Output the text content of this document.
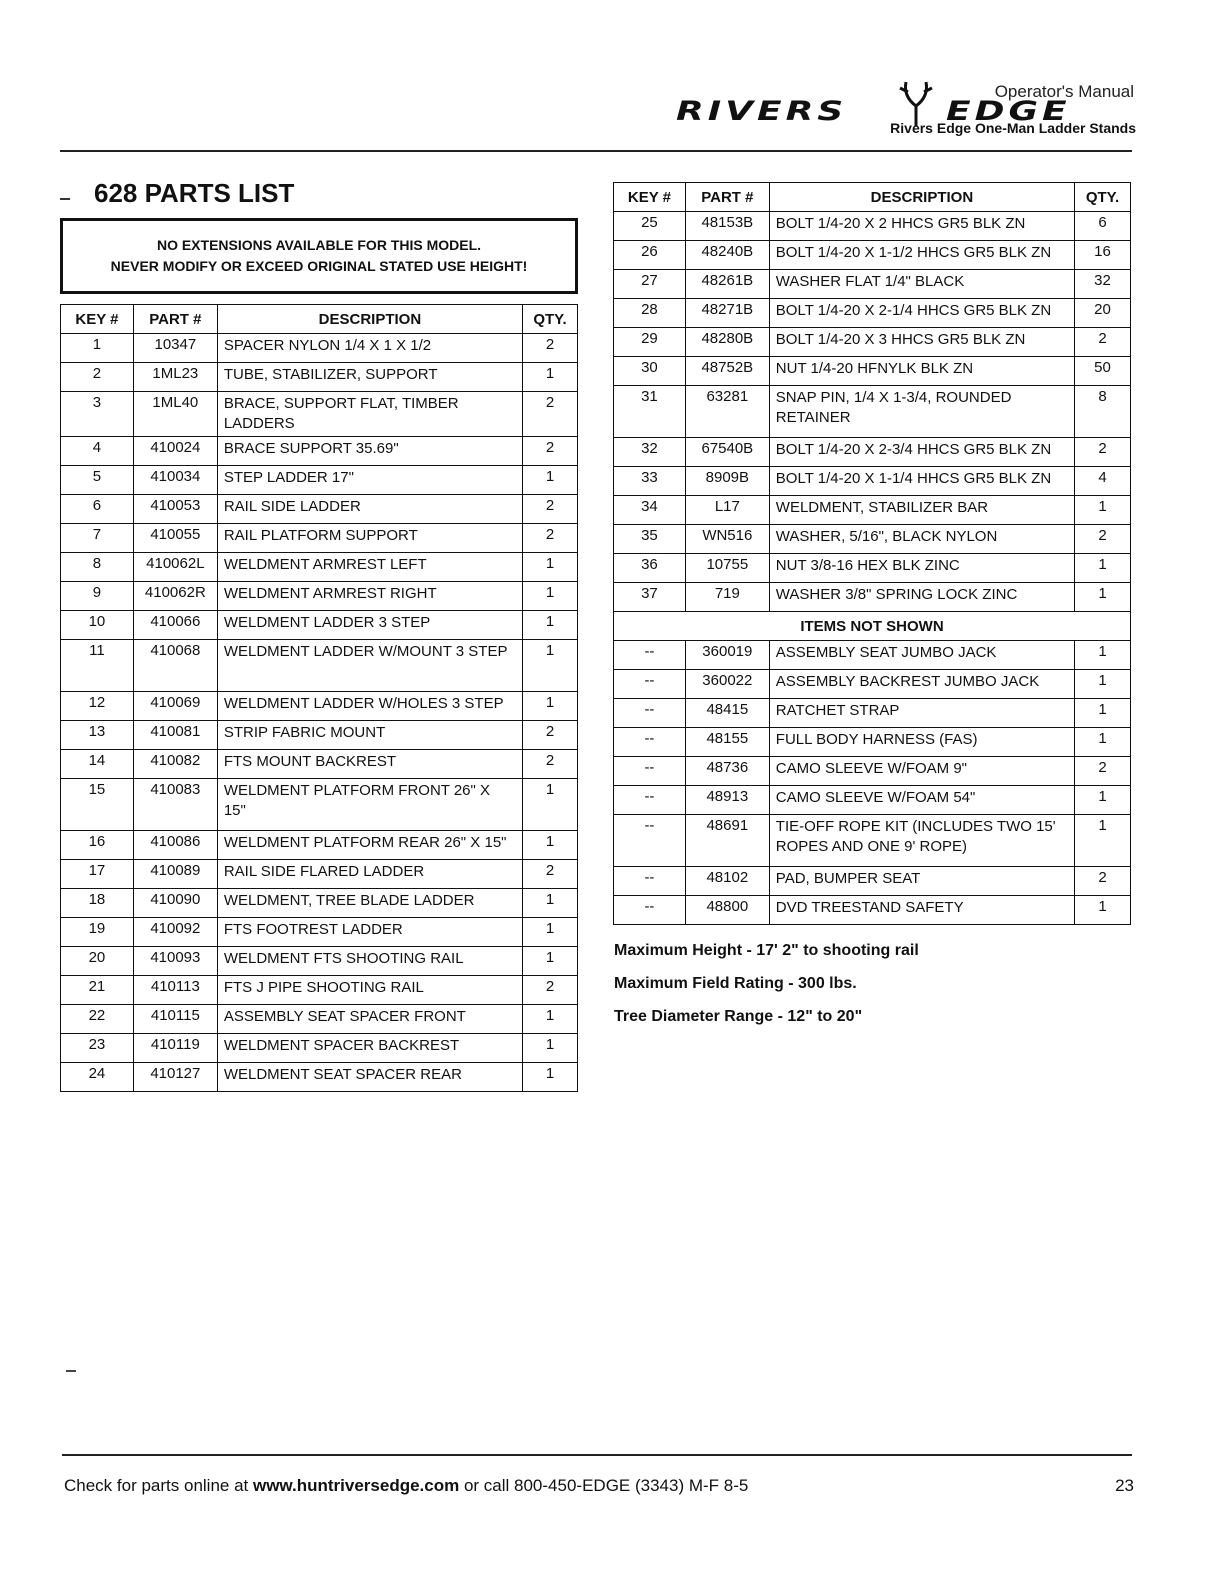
Operator's Manual
RIVERS	EDGE
Rivers Edge One-Man Ladder Stands
628 PARTS LIST
NO EXTENSIONS AVAILABLE FOR THIS MODEL.
NEVER MODIFY OR EXCEED ORIGINAL STATED USE HEIGHT!
KEY #	PART #	DESCRIPTION	QTY.
1	10347	SPACER NYLON 1/4 X 1 X 1/2	2
2	1ML23	TUBE, STABILIZER, SUPPORT	1
3	1ML40	BRACE, SUPPORT FLAT, TIMBER LADDERS	2
4	410024	BRACE SUPPORT 35.69"	2
5	410034	STEP LADDER 17"	1
6	410053	RAIL SIDE LADDER	2
7	410055	RAIL PLATFORM SUPPORT	2
8	410062L	WELDMENT ARMREST LEFT	1
9	410062R	WELDMENT ARMREST RIGHT	1
10	410066	WELDMENT LADDER 3 STEP	1
11	410068	WELDMENT LADDER W/MOUNT 3 STEP	1
12	410069	WELDMENT LADDER W/HOLES 3 STEP	1
13	410081	STRIP FABRIC MOUNT	2
14	410082	FTS MOUNT BACKREST	2
15	410083	WELDMENT PLATFORM FRONT 26" X 15"	1
16	410086	WELDMENT PLATFORM REAR 26" X 15"	1
17	410089	RAIL SIDE FLARED LADDER	2
18	410090	WELDMENT, TREE BLADE LADDER	1
19	410092	FTS FOOTREST LADDER	1
20	410093	WELDMENT FTS SHOOTING RAIL	1
21	410113	FTS J PIPE SHOOTING RAIL	2
22	410115	ASSEMBLY SEAT SPACER FRONT	1
23	410119	WELDMENT SPACER BACKREST	1
24	410127	WELDMENT SEAT SPACER REAR	1
KEY #	PART #	DESCRIPTION	QTY.
25	48153B	BOLT 1/4-20 X 2 HHCS GR5 BLK ZN	6
26	48240B	BOLT 1/4-20 X 1-1/2 HHCS GR5 BLK ZN	16
27	48261B	WASHER FLAT 1/4" BLACK	32
28	48271B	BOLT 1/4-20 X 2-1/4 HHCS GR5 BLK ZN	20
29	48280B	BOLT 1/4-20 X 3 HHCS GR5 BLK ZN	2
30	48752B	NUT 1/4-20 HFNYLK BLK ZN	50
31	63281	SNAP PIN, 1/4 X 1-3/4, ROUNDED RETAINER	8
32	67540B	BOLT 1/4-20 X 2-3/4 HHCS GR5 BLK ZN	2
33	8909B	BOLT 1/4-20 X 1-1/4 HHCS GR5 BLK ZN	4
34	L17	WELDMENT, STABILIZER BAR	1
35	WN516	WASHER, 5/16", BLACK NYLON	2
36	10755	NUT 3/8-16 HEX BLK ZINC	1
37	719	WASHER 3/8" SPRING LOCK ZINC	1
ITEMS NOT SHOWN			
--	360019	ASSEMBLY SEAT JUMBO JACK	1
--	360022	ASSEMBLY BACKREST JUMBO JACK	1
--	48415	RATCHET STRAP	1
--	48155	FULL BODY HARNESS (FAS)	1
--	48736	CAMO SLEEVE W/FOAM 9"	2
--	48913	CAMO SLEEVE W/FOAM 54"	1
--	48691	TIE-OFF ROPE KIT (INCLUDES TWO 15' ROPES AND ONE 9' ROPE)	1
--	48102	PAD, BUMPER SEAT	2
--	48800	DVD TREESTAND SAFETY	1
Maximum Height - 17' 2" to shooting rail
Maximum Field Rating - 300 lbs.
Tree Diameter Range - 12" to 20"
Check for parts online at www.huntriversedge.com or call 800-450-EDGE (3343) M-F 8-5	23
